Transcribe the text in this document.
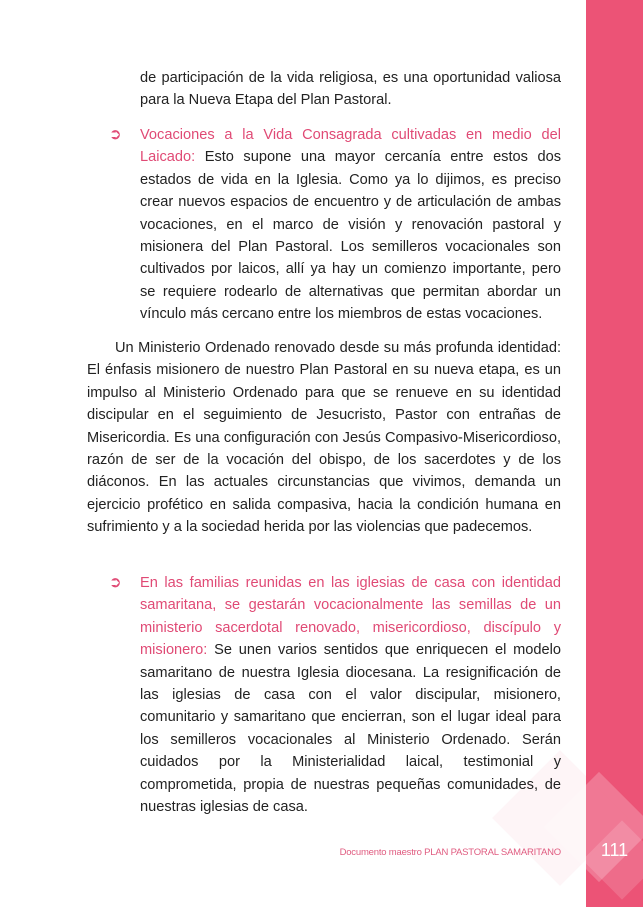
de participación de la vida religiosa, es una oportunidad valiosa para la Nueva Etapa del Plan Pastoral.

➲	Vocaciones a la Vida Consagrada cultivadas en medio del Laicado: Esto supone una mayor cercanía entre estos dos estados de vida en la Iglesia. Como ya lo dijimos, es preciso crear nuevos espacios de encuentro y de articulación de ambas vocaciones, en el marco de visión y renovación pastoral y misionera del Plan Pastoral. Los semilleros vocacionales son cultivados por laicos, allí ya hay un comienzo importante, pero se requiere rodearlo de alternativas que permitan abordar un vínculo más cercano entre los miembros de estas vocaciones.

Un Ministerio Ordenado renovado desde su más profunda identidad: El énfasis misionero de nuestro Plan Pastoral en su nueva etapa, es un impulso al Ministerio Ordenado para que se renueve en su identidad discipular en el seguimiento de Jesucristo, Pastor con entrañas de Misericordia. Es una configuración con Jesús Compasivo-Misericordioso, razón de ser de la vocación del obispo, de los sacerdotes y de los diáconos. En las actuales circunstancias que vivimos, demanda un ejercicio profético en salida compasiva, hacia la condición humana en sufrimiento y a la sociedad herida por las violencias que padecemos.

➲	En las familias reunidas en las iglesias de casa con identidad samaritana, se gestarán vocacionalmente las semillas de un ministerio sacerdotal renovado, misericordioso, discípulo y misionero: Se unen varios sentidos que enriquecen el modelo samaritano de nuestra Iglesia diocesana. La resignificación de las iglesias de casa con el valor discipular, misionero, comunitario y samaritano que encierran, son el lugar ideal para los semilleros vocacionales al Ministerio Ordenado. Serán cuidados por la Ministerialidad laical, testimonial y comprometida, propia de nuestras pequeñas comunidades, de nuestras iglesias de casa.

Documento maestro PLAN PASTORAL SAMARITANO	111
